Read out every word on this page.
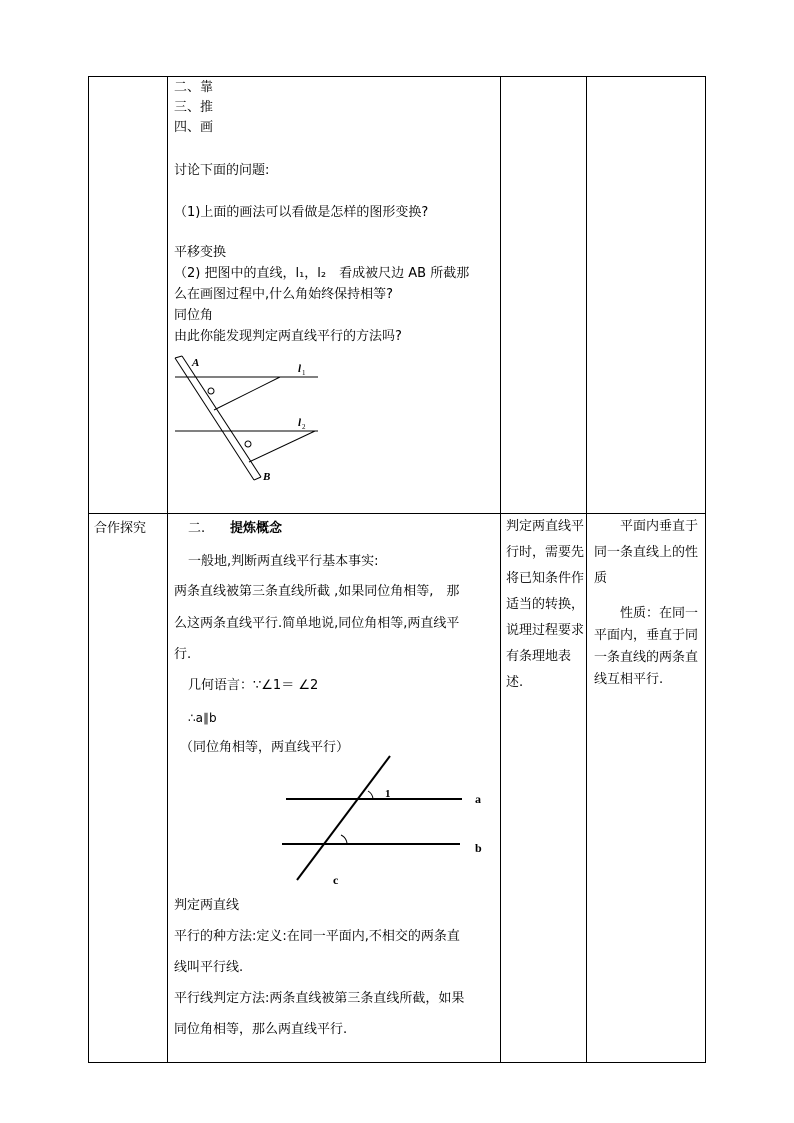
二、靠
三、推
四、画
讨论下面的问题:
（1)上面的画法可以看做是怎样的图形变换?
平移变换
（2) 把图中的直线，l₁，l₂　看成被尺边 AB 所截那
么在画图过程中,什么角始终保持相等?
同位角
由此你能发现判定两直线平行的方法吗?
A
B
l 1
l 2
合作探究	二. 提炼概念
一般地,判断两直线平行基本事实:
两条直线被第三条直线所截 ,如果同位角相等,　那
么这两条直线平行.简单地说,同位角相等,两直线平
行.
几何语言：∵∠1＝ ∠2
∴a∥b
（同位角相等，两直线平行）
1	a
b
c
判定两直线
平行的种方法:定义:在同一平面内,不相交的两条直
线叫平行线.
平行线判定方法:两条直线被第三条直线所截，如果
同位角相等，那么两直线平行.
判定两直线平行时，需要先将已知条件作适当的转换，说理过程要求有条理地表述.
平面内垂直于同一条直线上的性质
性质：在同一平面内，垂直于同一条直线的两条直线互相平行.
